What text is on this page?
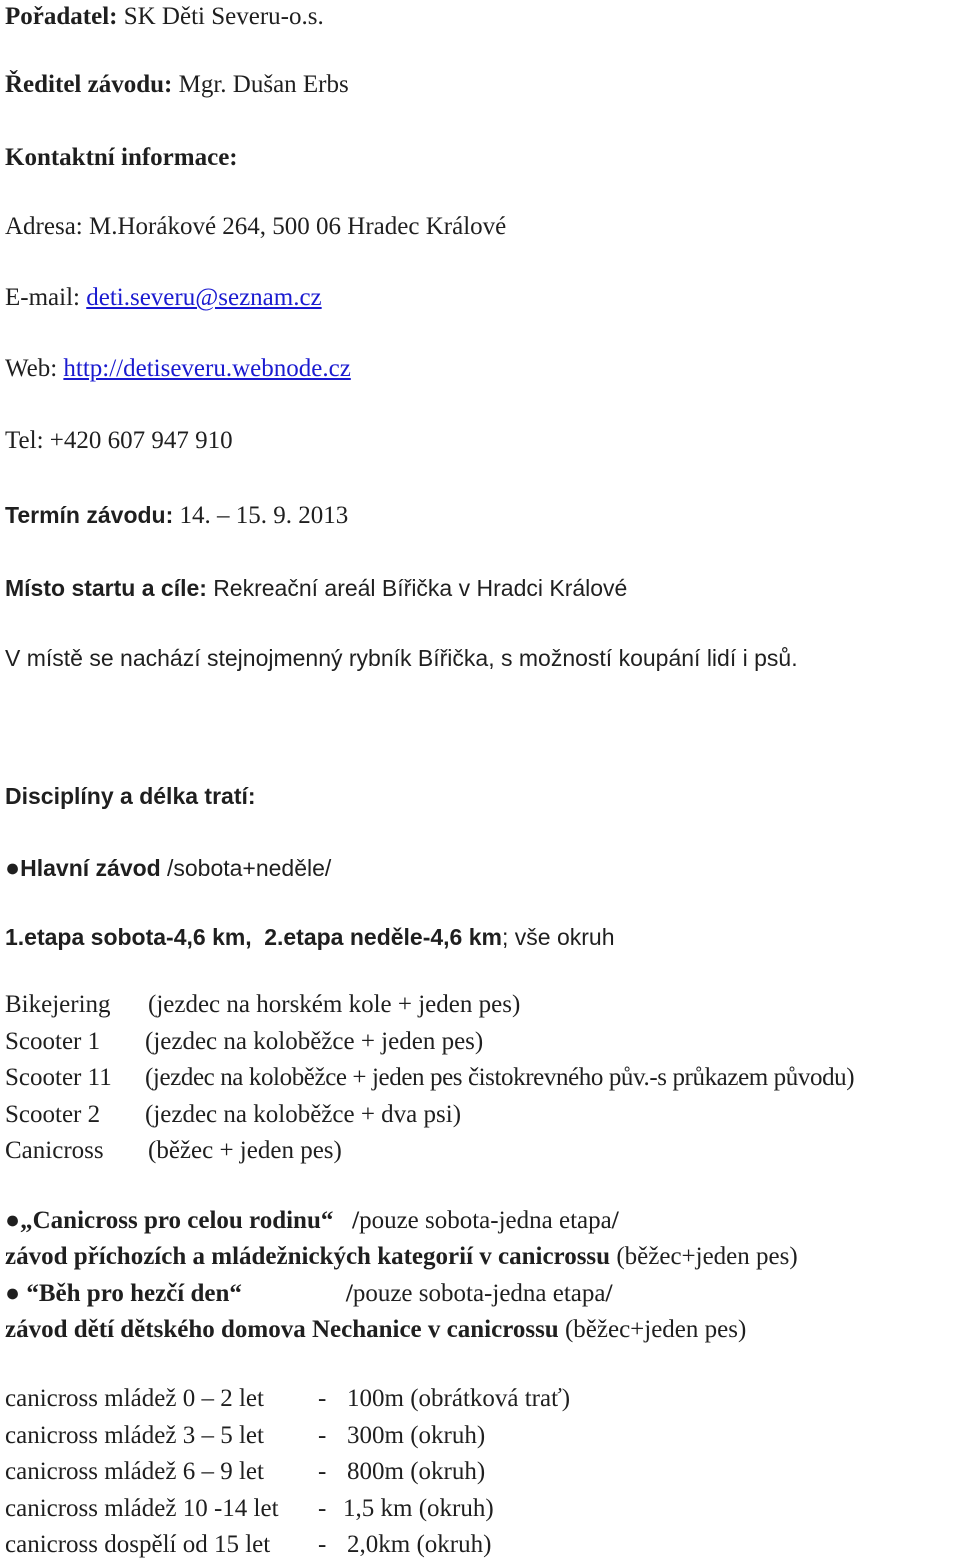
Pořadatel: SK Děti Severu-o.s.
Ředitel závodu: Mgr. Dušan Erbs
Kontaktní informace:
Adresa: M.Horákové 264, 500 06 Hradec Králové
E-mail: deti.severu@seznam.cz
Web: http://detiseveru.webnode.cz
Tel: +420 607 947 910
Termín závodu: 14. – 15. 9. 2013
Místo startu a cíle: Rekreační areál Bířička v Hradci Králové
V místě se nachází stejnojmenný rybník Bířička, s možností koupání lidí i psů.
Disciplíny a délka tratí:
●Hlavní závod /sobota+neděle/
1.etapa sobota-4,6 km, 2.etapa neděle-4,6 km; vše okruh
Bikejering (jezdec na horském kole + jeden pes)
Scooter 1 (jezdec na koloběžce + jeden pes)
Scooter 11 (jezdec na koloběžce + jeden pes čistokrevného pův.-s průkazem původu)
Scooter 2 (jezdec na koloběžce + dva psi)
Canicross (běžec + jeden pes)
●„Canicross pro celou rodinu“ /pouze sobota-jedna etapa/
závod příchozích a mládežnických kategorií v canicrossu (běžec+jeden pes)
● “Běh pro hezčí den“	/pouze sobota-jedna etapa/
závod dětí dětského domova Nechanice v canicrossu (běžec+jeden pes)
canicross mládež 0 – 2 let - 100m (obrátková trať)
canicross mládež 3 – 5 let - 300m (okruh)
canicross mládež 6 – 9 let - 800m (okruh)
canicross mládež 10 -14 let - 1,5 km (okruh)
canicross dospělí od 15 let - 2,0km (okruh)
